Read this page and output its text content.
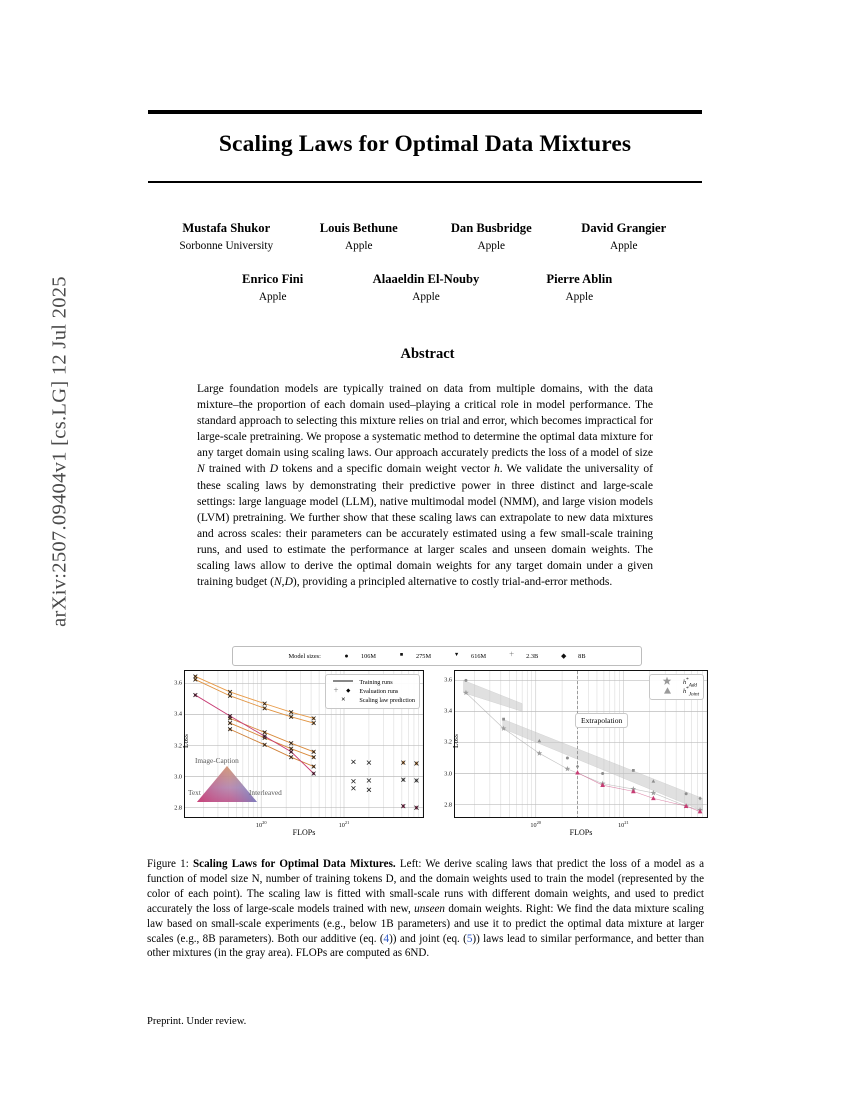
arXiv:2507.09404v1 [cs.LG] 12 Jul 2025
Scaling Laws for Optimal Data Mixtures
Mustafa Shukor
Sorbonne University
Louis Bethune
Apple
Dan Busbridge
Apple
David Grangier
Apple
Enrico Fini
Apple
Alaaeldin El-Nouby
Apple
Pierre Ablin
Apple
Abstract
Large foundation models are typically trained on data from multiple domains, with the data mixture–the proportion of each domain used–playing a critical role in model performance. The standard approach to selecting this mixture relies on trial and error, which becomes impractical for large-scale pretraining. We propose a systematic method to determine the optimal data mixture for any target domain using scaling laws. Our approach accurately predicts the loss of a model of size N trained with D tokens and a specific domain weight vector h. We validate the universality of these scaling laws by demonstrating their predictive power in three distinct and large-scale settings: large language model (LLM), native multimodal model (NMM), and large vision models (LVM) pretraining. We further show that these scaling laws can extrapolate to new data mixtures and across scales: their parameters can be accurately estimated using a few small-scale training runs, and used to estimate the performance at larger scales and unseen domain weights. The scaling laws allow to derive the optimal domain weights for any target domain under a given training budget (N,D), providing a principled alternative to costly trial-and-error methods.
Model sizes:	● 106M	■ 275M	▼ 616M	＋ 2.3B	◆ 8B
Loss
2.8
3.0
3.2
3.4
3.6
$10^{20}$	$10^{21}$
FLOPs
Training runs
＋ ◆ Evaluation runs
✕	Scaling law prediction
Image-Caption
Text	Interleaved
Loss
2.8
3.0
3.2
3.4
3.6
$10^{20}$	$10^{21}$
FLOPs
$h^*_{Add}$
$h^*_{Joint}$
Extrapolation
Figure 1: Scaling Laws for Optimal Data Mixtures. Left: We derive scaling laws that predict the loss of a model as a function of model size N, number of training tokens D, and the domain weights used to train the model (represented by the color of each point). The scaling law is fitted with small-scale runs with different domain weights, and used to predict accurately the loss of large-scale models trained with new, unseen domain weights. Right: We find the data mixture scaling law based on small-scale experiments (e.g., below 1B parameters) and use it to predict the optimal data mixture at larger scales (e.g., 8B parameters). Both our additive (eq. (4)) and joint (eq. (5)) laws lead to similar performance, and better than other mixtures (in the gray area). FLOPs are computed as 6ND.
Preprint. Under review.
